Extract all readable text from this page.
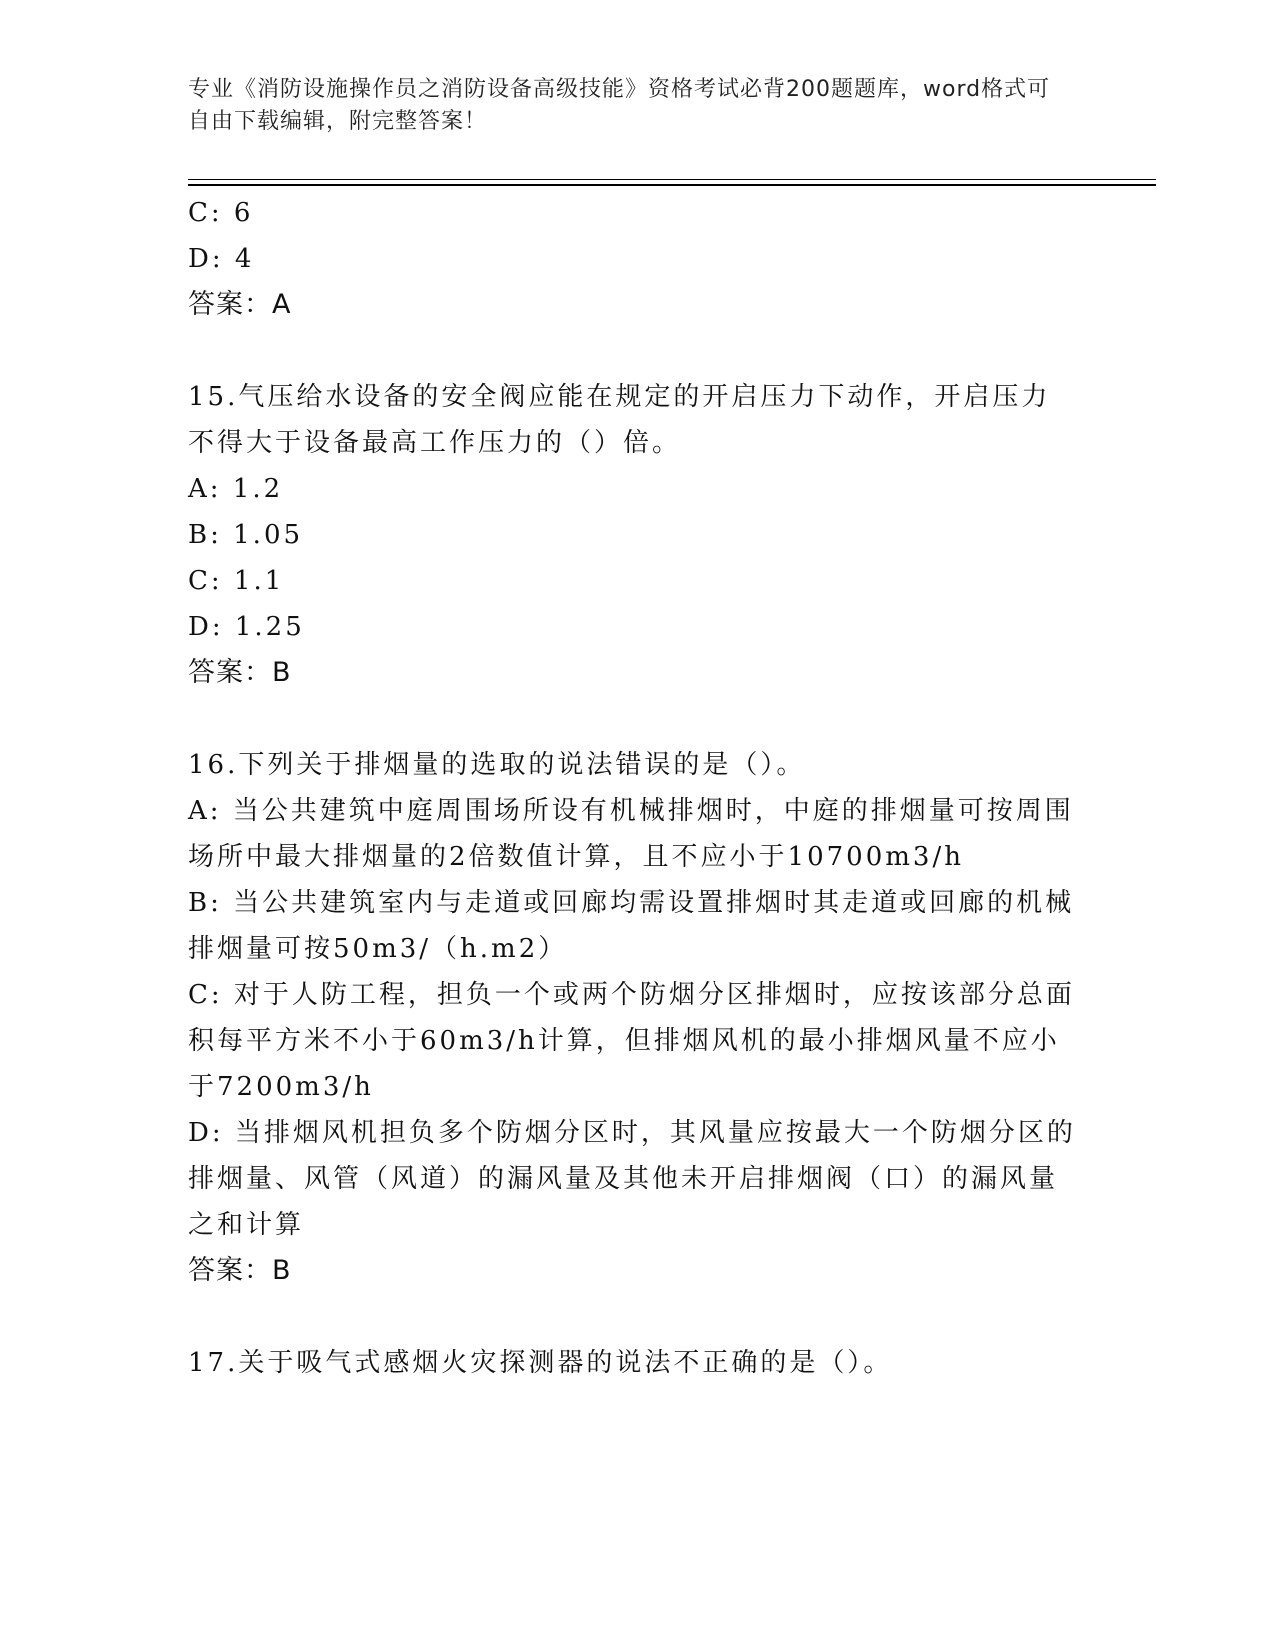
专业《消防设施操作员之消防设备高级技能》资格考试必背200题题库，word格式可自由下载编辑，附完整答案！
C: 6
D: 4
答案：A
15.气压给水设备的安全阀应能在规定的开启压力下动作，开启压力不得大于设备最高工作压力的（）倍。
A: 1.2
B: 1.05
C: 1.1
D: 1.25
答案：B
16.下列关于排烟量的选取的说法错误的是（）。
A: 当公共建筑中庭周围场所设有机械排烟时，中庭的排烟量可按周围场所中最大排烟量的2倍数值计算，且不应小于10700m3/h
B: 当公共建筑室内与走道或回廊均需设置排烟时其走道或回廊的机械排烟量可按50m3/（h.m2）
C: 对于人防工程，担负一个或两个防烟分区排烟时，应按该部分总面积每平方米不小于60m3/h计算，但排烟风机的最小排烟风量不应小于7200m3/h
D: 当排烟风机担负多个防烟分区时，其风量应按最大一个防烟分区的排烟量、风管（风道）的漏风量及其他未开启排烟阀（口）的漏风量之和计算
答案：B
17.关于吸气式感烟火灾探测器的说法不正确的是（）。
